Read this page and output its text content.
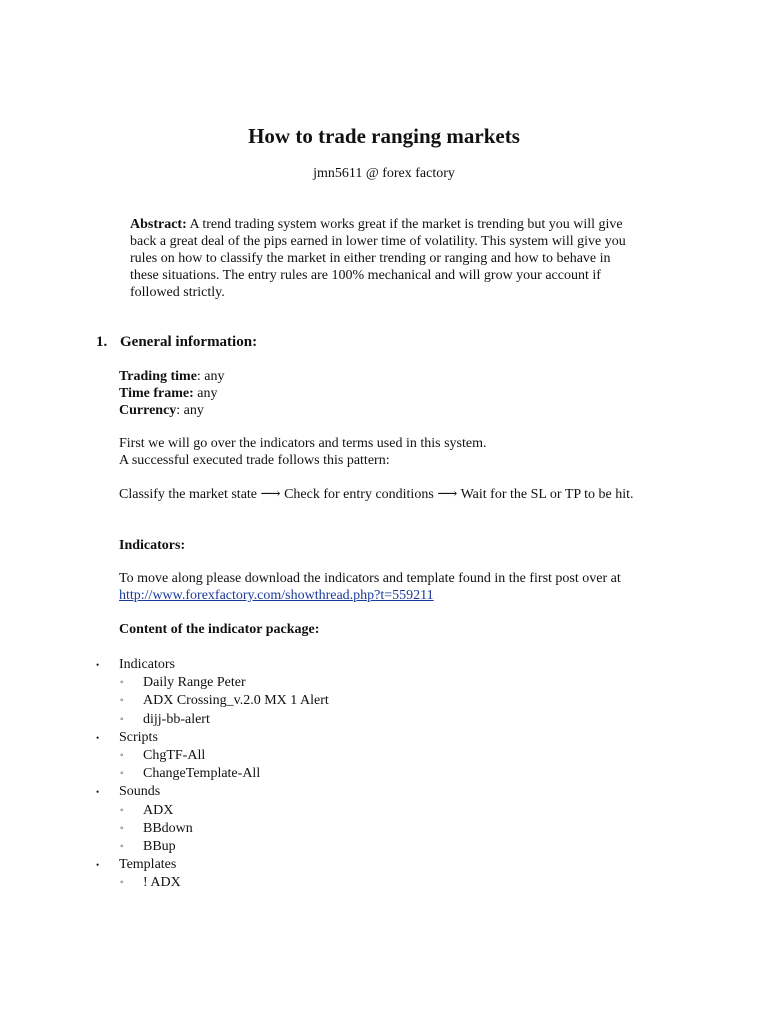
How to trade ranging markets
jmn5611 @ forex factory
Abstract: A trend trading system works great if the market is trending but you will give back a great deal of the pips earned in lower time of volatility. This system will give you rules on how to classify the market in either trending or ranging and how to behave in these situations. The entry rules are 100% mechanical and will grow your account if followed strictly.
1. General information:
Trading time: any
Time frame: any
Currency: any
First we will go over the indicators and terms used in this system.
A successful executed trade follows this pattern:
Classify the market state ⟶ Check for entry conditions ⟶ Wait for the SL or TP to be hit.
Indicators:
To move along please download the indicators and template found in the first post over at http://www.forexfactory.com/showthread.php?t=559211
Content of the indicator package:
• Indicators
◦ Daily Range Peter
◦ ADX Crossing_v.2.0 MX 1 Alert
◦ dijj-bb-alert
• Scripts
◦ ChgTF-All
◦ ChangeTemplate-All
• Sounds
◦ ADX
◦ BBdown
◦ BBup
• Templates
◦ ! ADX
